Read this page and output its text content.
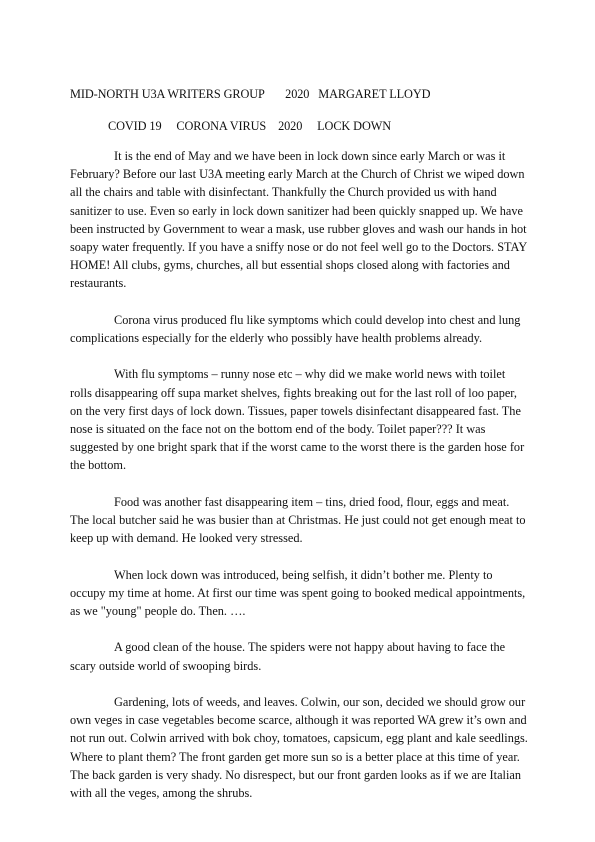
MID-NORTH U3A WRITERS GROUP       2020   MARGARET LLOYD
COVID 19     CORONA VIRUS    2020     LOCK DOWN

It is the end of May and we have been in lock down since early March or was it February? Before our last U3A meeting early March at the Church of Christ we wiped down all the chairs and table with disinfectant. Thankfully the Church provided us with hand sanitizer to use. Even so early in lock down sanitizer had been quickly snapped up. We have been instructed by Government to wear a mask, use rubber gloves and wash our hands in hot soapy water frequently. If you have a sniffy nose or do not feel well go to the Doctors. STAY HOME! All clubs, gyms, churches, all but essential shops closed along with factories and restaurants.

Corona virus produced flu like symptoms which could develop into chest and lung complications especially for the elderly who possibly have health problems already.

With flu symptoms – runny nose etc – why did we make world news with toilet rolls disappearing off supa market shelves, fights breaking out for the last roll of loo paper, on the very first days of lock down. Tissues, paper towels disinfectant disappeared fast. The nose is situated on the face not on the bottom end of the body. Toilet paper??? It was suggested by one bright spark that if the worst came to the worst there is the garden hose for the bottom.

Food was another fast disappearing item – tins, dried food, flour, eggs and meat. The local butcher said he was busier than at Christmas. He just could not get enough meat to keep up with demand. He looked very stressed.

When lock down was introduced, being selfish, it didn’t bother me. Plenty to occupy my time at home. At first our time was spent going to booked medical appointments, as we "young" people do. Then. ….

A good clean of the house. The spiders were not happy about having to face the scary outside world of swooping birds.

Gardening, lots of weeds, and leaves. Colwin, our son, decided we should grow our own veges in case vegetables become scarce, although it was reported WA grew it’s own and not run out. Colwin arrived with bok choy, tomatoes, capsicum, egg plant and kale seedlings. Where to plant them? The front garden get more sun so is a better place at this time of year. The back garden is very shady. No disrespect, but our front garden looks as if we are Italian with all the veges, among the shrubs.
